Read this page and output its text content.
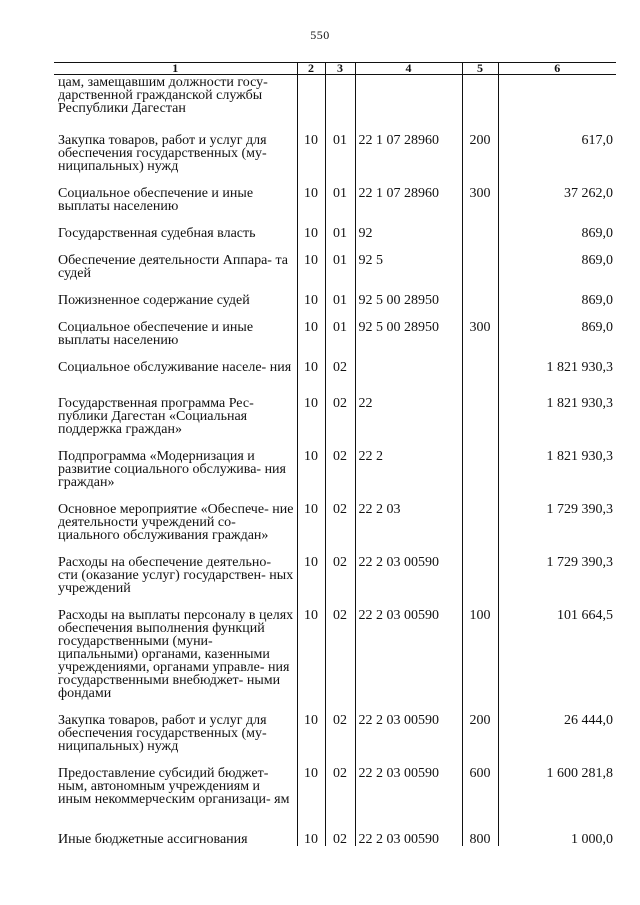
550
1	2	3	4	5	6
цам, замещавшим должности госу- дарственной гражданской службы Республики Дагестан					
Закупка товаров, работ и услуг для обеспечения государственных (му- ниципальных) нужд	10	01	22 1 07 28960	200	617,0
Социальное обеспечение и иные выплаты населению	10	01	22 1 07 28960	300	37 262,0
Государственная судебная власть	10	01	92		869,0
Обеспечение деятельности Аппара- та судей	10	01	92 5		869,0
Пожизненное содержание судей	10	01	92 5 00 28950		869,0
Социальное обеспечение и иные выплаты населению	10	01	92 5 00 28950	300	869,0
Социальное обслуживание населе- ния	10	02			1 821 930,3
Государственная программа Рес- публики Дагестан «Социальная поддержка граждан»	10	02	22		1 821 930,3
Подпрограмма «Модернизация и развитие социального обслужива- ния граждан»	10	02	22 2		1 821 930,3
Основное мероприятие «Обеспече- ние деятельности учреждений со- циального обслуживания граждан»	10	02	22 2 03		1 729 390,3
Расходы на обеспечение деятельно- сти (оказание услуг) государствен- ных учреждений	10	02	22 2 03 00590		1 729 390,3
Расходы на выплаты персоналу в целях обеспечения выполнения функций государственными (муни- ципальными) органами, казенными учреждениями, органами управле- ния государственными внебюджет- ными фондами	10	02	22 2 03 00590	100	101 664,5
Закупка товаров, работ и услуг для обеспечения государственных (му- ниципальных) нужд	10	02	22 2 03 00590	200	26 444,0
Предоставление субсидий бюджет- ным, автономным учреждениям и иным некоммерческим организаци- ям	10	02	22 2 03 00590	600	1 600 281,8
Иные бюджетные ассигнования	10	02	22 2 03 00590	800	1 000,0
